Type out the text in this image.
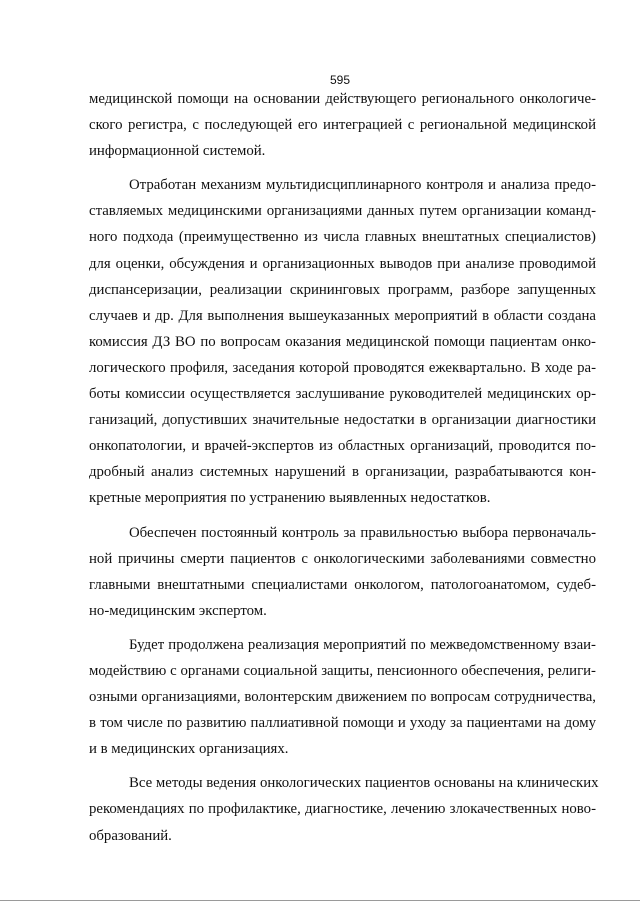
595
медицинской помощи на основании действующего регионального онкологиче-
ского регистра, с последующей его интеграцией с региональной медицинской
информационной системой.
Отработан механизм мультидисциплинарного контроля и анализа предо-
ставляемых медицинскими организациями данных путем организации команд-
ного подхода (преимущественно из числа главных внештатных специалистов)
для оценки, обсуждения и организационных выводов при анализе проводимой
диспансеризации, реализации скрининговых программ, разборе запущенных
случаев и др. Для выполнения вышеуказанных мероприятий в области создана
комиссия ДЗ ВО по вопросам оказания медицинской помощи пациентам онко-
логического профиля, заседания которой проводятся ежеквартально. В ходе ра-
боты комиссии осуществляется заслушивание руководителей медицинских ор-
ганизаций, допустивших значительные недостатки в организации диагностики
онкопатологии, и врачей-экспертов из областных организаций, проводится по-
дробный анализ системных нарушений в организации, разрабатываются кон-
кретные мероприятия по устранению выявленных недостатков.
Обеспечен постоянный контроль за правильностью выбора первоначаль-
ной причины смерти пациентов с онкологическими заболеваниями совместно
главными внештатными специалистами онкологом, патологоанатомом, судеб-
но-медицинским экспертом.
Будет продолжена реализация мероприятий по межведомственному взаи-
модействию с органами социальной защиты, пенсионного обеспечения, религи-
озными организациями, волонтерским движением по вопросам сотрудничества,
в том числе по развитию паллиативной помощи и уходу за пациентами на дому
и в медицинских организациях.
Все методы ведения онкологических пациентов основаны на клинических
рекомендациях по профилактике, диагностике, лечению злокачественных ново-
образований.
